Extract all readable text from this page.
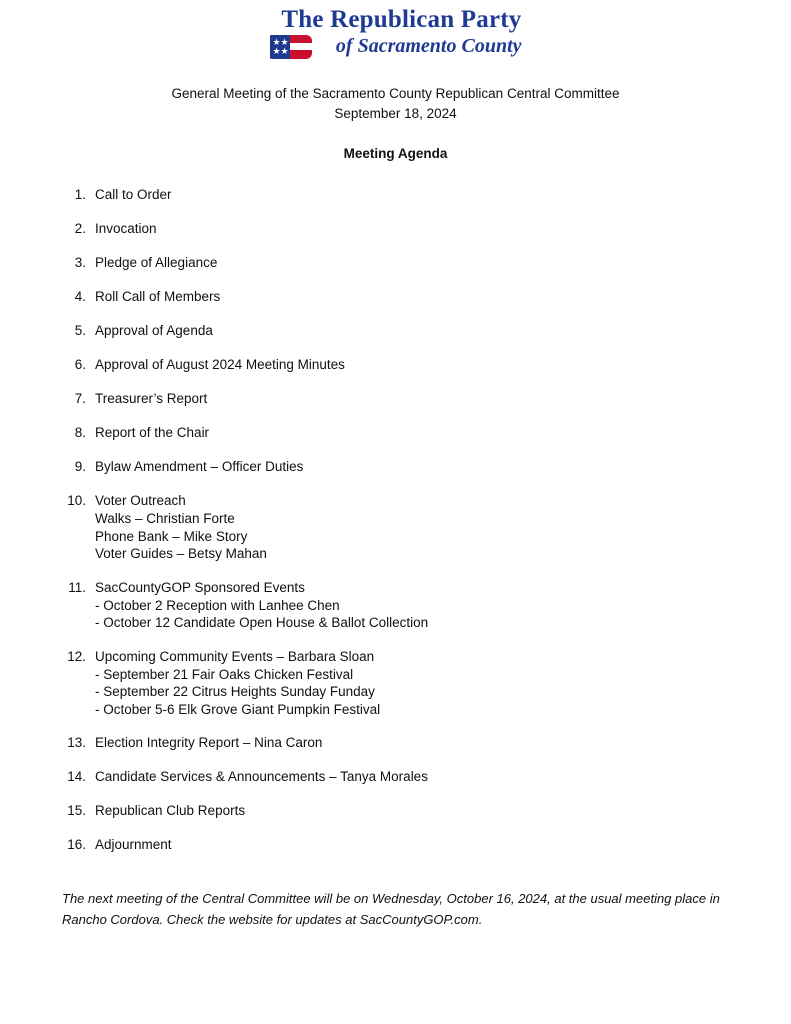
The Republican Party
of Sacramento County
★ ★
★ ★
General Meeting of the Sacramento County Republican Central Committee
September 18, 2024
Meeting Agenda
1. Call to Order
2. Invocation
3. Pledge of Allegiance
4. Roll Call of Members
5. Approval of Agenda
6. Approval of August 2024 Meeting Minutes
7. Treasurer’s Report
8. Report of the Chair
9. Bylaw Amendment – Officer Duties
10. Voter Outreach
Walks – Christian Forte
Phone Bank – Mike Story
Voter Guides – Betsy Mahan
11. SacCountyGOP Sponsored Events
- October 2 Reception with Lanhee Chen
- October 12 Candidate Open House & Ballot Collection
12. Upcoming Community Events – Barbara Sloan
- September 21 Fair Oaks Chicken Festival
- September 22 Citrus Heights Sunday Funday
- October 5-6 Elk Grove Giant Pumpkin Festival
13. Election Integrity Report – Nina Caron
14. Candidate Services & Announcements – Tanya Morales
15. Republican Club Reports
16. Adjournment
The next meeting of the Central Committee will be on Wednesday, October 16, 2024, at the usual meeting place in Rancho Cordova. Check the website for updates at SacCountyGOP.com.
